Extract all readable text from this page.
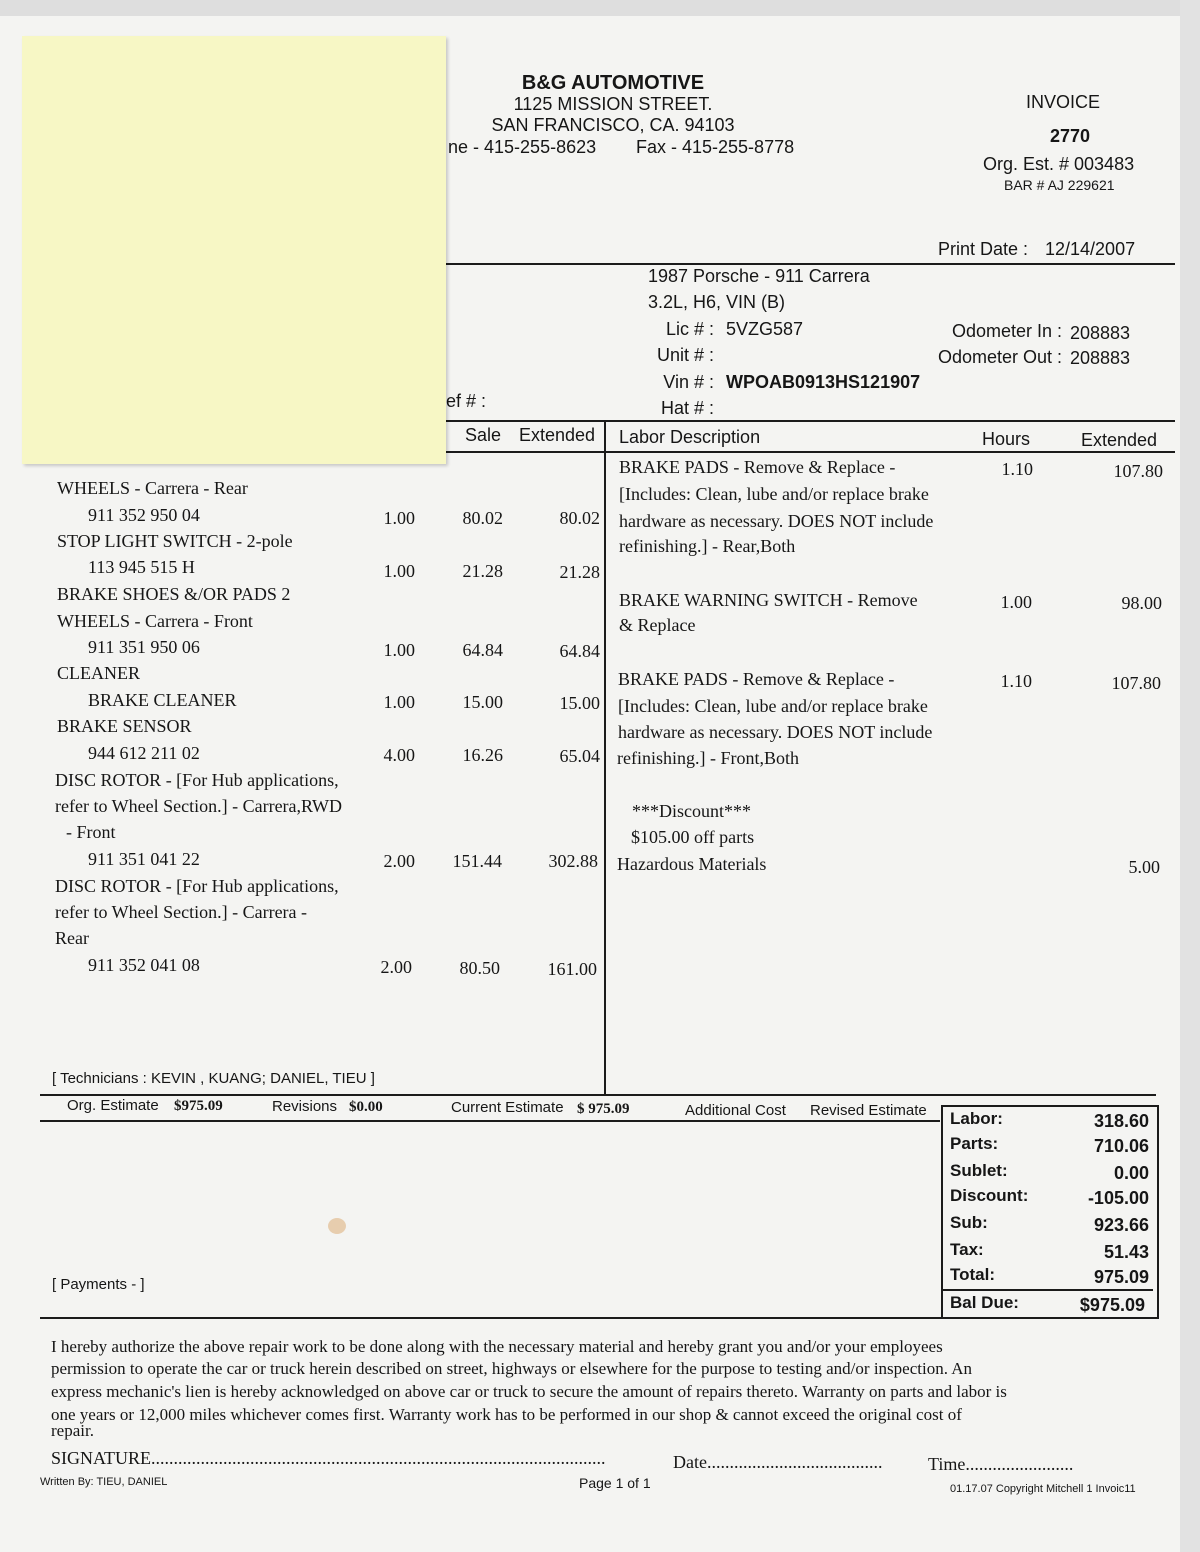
B&G AUTOMOTIVE
1125 MISSION STREET.
SAN FRANCISCO, CA. 94103
ne - 415-255-8623 Fax - 415-255-8778
INVOICE
2770
Org. Est. # 003483
BAR # AJ 229621
Print Date : 12/14/2007
1987 Porsche - 911 Carrera
3.2L, H6, VIN (B)
Lic # : 5VZG587
Unit # :
Vin # : WPOAB0913HS121907
Hat # :
ef # :
Odometer In : 208883
Odometer Out : 208883
Sale Extended Labor Description	Hours	Extended
WHEELS - Carrera - Rear
911 352 950 04	1.00	80.02	80.02
STOP LIGHT SWITCH - 2-pole
113 945 515 H	1.00	21.28	21.28
BRAKE SHOES &/OR PADS 2
WHEELS - Carrera - Front
911 351 950 06	1.00	64.84	64.84
CLEANER
BRAKE CLEANER	1.00	15.00	15.00
BRAKE SENSOR
944 612 211 02	4.00	16.26	65.04
DISC ROTOR - [For Hub applications,
refer to Wheel Section.] - Carrera,RWD
- Front
911 351 041 22	2.00	151.44	302.88
DISC ROTOR - [For Hub applications,
refer to Wheel Section.] - Carrera -
Rear
911 352 041 08	2.00	80.50	161.00
[ Technicians : KEVIN , KUANG; DANIEL, TIEU ]
BRAKE PADS - Remove & Replace -	1.10	107.80
[Includes: Clean, lube and/or replace brake
hardware as necessary. DOES NOT include
refinishing.] - Rear,Both
BRAKE WARNING SWITCH - Remove	1.00	98.00
& Replace
BRAKE PADS - Remove & Replace -	1.10	107.80
[Includes: Clean, lube and/or replace brake
hardware as necessary. DOES NOT include
refinishing.] - Front,Both
***Discount***
$105.00 off parts
Hazardous Materials	5.00
Org. Estimate $975.09	Revisions $0.00	Current Estimate $ 975.09	Additional Cost Revised Estimate Labor:	318.60
Parts:	710.06
Sublet:	0.00
Discount:	-105.00
Sub:	923.66
Tax:	51.43
Total:	975.09
Bal Due:	$975.09
[ Payments - ]
I hereby authorize the above repair work to be done along with the necessary material and hereby grant you and/or your employees
permission to operate the car or truck herein described on street, highways or elsewhere for the purpose to testing and/or inspection. An
express mechanic's lien is hereby acknowledged on above car or truck to secure the amount of repairs thereto. Warranty on parts and labor is
one years or 12,000 miles whichever comes first. Warranty work has to be performed in our shop & cannot exceed the original cost of
repair.
SIGNATURE.....................................................................................................	Date.......................................	Time........................
Written By: TIEU, DANIEL	Page 1 of 1	01.17.07 Copyright Mitchell 1 Invoic11
